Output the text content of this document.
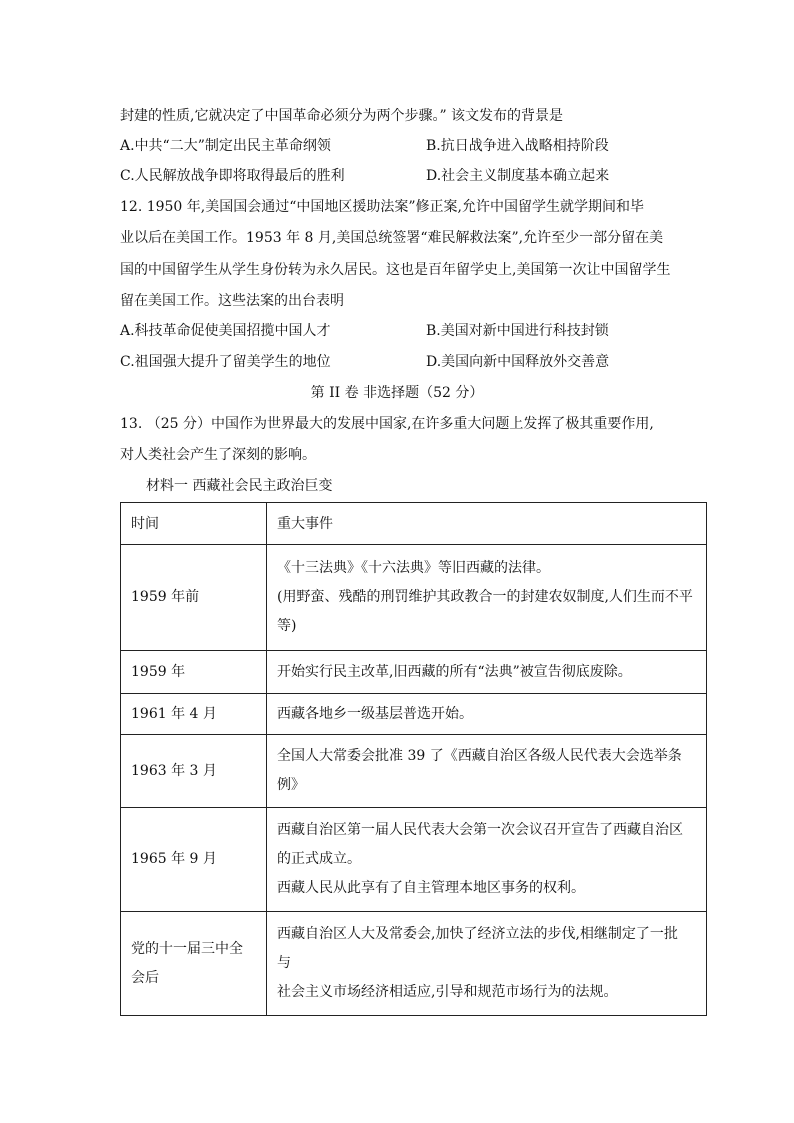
封建的性质,它就决定了中国革命必须分为两个步骤。” 该文发布的背景是
A.中共“二大”制定出民主革命纲领	B.抗日战争进入战略相持阶段
C.人民解放战争即将取得最后的胜利	D.社会主义制度基本确立起来
12. 1950 年,美国国会通过“中国地区援助法案”修正案,允许中国留学生就学期间和毕
业以后在美国工作。1953 年 8 月,美国总统签署“难民解救法案”,允许至少一部分留在美
国的中国留学生从学生身份转为永久居民。这也是百年留学史上,美国第一次让中国留学生
留在美国工作。这些法案的出台表明
A.科技革命促使美国招揽中国人才	B.美国对新中国进行科技封锁
C.祖国强大提升了留美学生的地位	D.美国向新中国释放外交善意
第 II 卷 非选择题（52 分）
13. （25 分）中国作为世界最大的发展中国家,在许多重大问题上发挥了极其重要作用,
对人类社会产生了深刻的影响。
材料一 西藏社会民主政治巨变
时间	重大事件

1959 年前	《十三法典》《十六法典》等旧西藏的法律。
(用野蛮、残酷的刑罚维护其政教合一的封建农奴制度,人们生而不平
等)

1959 年	开始实行民主改革,旧西藏的所有“法典”被宣告彻底废除。

1961 年 4 月	西藏各地乡一级基层普选开始。

1963 年 3 月	全国人大常委会批准 39 了《西藏自治区各级人民代表大会选举条
例》

1965 年 9 月	西藏自治区第一届人民代表大会第一次会议召开宣告了西藏自治区
的正式成立。
西藏人民从此享有了自主管理本地区事务的权利。

党的十一届三中全
会后	西藏自治区人大及常委会,加快了经济立法的步伐,相继制定了一批
与
社会主义市场经济相适应,引导和规范市场行为的法规。
